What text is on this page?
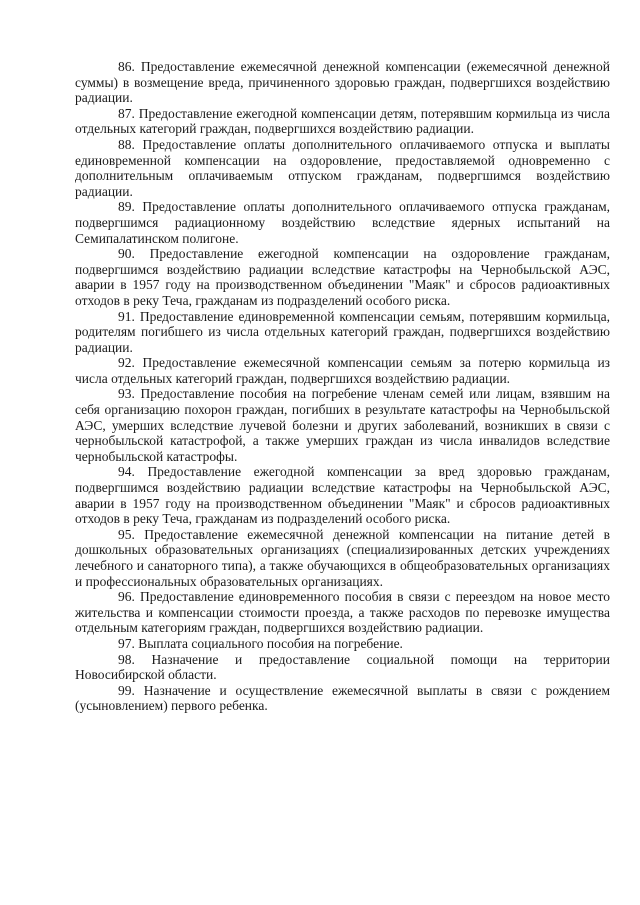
86. Предоставление ежемесячной денежной компенсации (ежемесячной денежной суммы) в возмещение вреда, причиненного здоровью граждан, подвергшихся воздействию радиации.

87. Предоставление ежегодной компенсации детям, потерявшим кормильца из числа отдельных категорий граждан, подвергшихся воздействию радиации.

88. Предоставление оплаты дополнительного оплачиваемого отпуска и выплаты единовременной компенсации на оздоровление, предоставляемой одновременно с дополнительным оплачиваемым отпуском гражданам, подвергшимся воздействию радиации.

89. Предоставление оплаты дополнительного оплачиваемого отпуска гражданам, подвергшимся радиационному воздействию вследствие ядерных испытаний на Семипалатинском полигоне.

90. Предоставление ежегодной компенсации на оздоровление гражданам, подвергшимся воздействию радиации вследствие катастрофы на Чернобыльской АЭС, аварии в 1957 году на производственном объединении "Маяк" и сбросов радиоактивных отходов в реку Теча, гражданам из подразделений особого риска.

91. Предоставление единовременной компенсации семьям, потерявшим кормильца, родителям погибшего из числа отдельных категорий граждан, подвергшихся воздействию радиации.

92. Предоставление ежемесячной компенсации семьям за потерю кормильца из числа отдельных категорий граждан, подвергшихся воздействию радиации.

93. Предоставление пособия на погребение членам семей или лицам, взявшим на себя организацию похорон граждан, погибших в результате катастрофы на Чернобыльской АЭС, умерших вследствие лучевой болезни и других заболеваний, возникших в связи с чернобыльской катастрофой, а также умерших граждан из числа инвалидов вследствие чернобыльской катастрофы.

94. Предоставление ежегодной компенсации за вред здоровью гражданам, подвергшимся воздействию радиации вследствие катастрофы на Чернобыльской АЭС, аварии в 1957 году на производственном объединении "Маяк" и сбросов радиоактивных отходов в реку Теча, гражданам из подразделений особого риска.

95. Предоставление ежемесячной денежной компенсации на питание детей в дошкольных образовательных организациях (специализированных детских учреждениях лечебного и санаторного типа), а также обучающихся в общеобразовательных организациях и профессиональных образовательных организациях.

96. Предоставление единовременного пособия в связи с переездом на новое место жительства и компенсации стоимости проезда, а также расходов по перевозке имущества отдельным категориям граждан, подвергшихся воздействию радиации.

97. Выплата социального пособия на погребение.

98. Назначение и предоставление социальной помощи на территории Новосибирской области.

99. Назначение и осуществление ежемесячной выплаты в связи с рождением (усыновлением) первого ребенка.
